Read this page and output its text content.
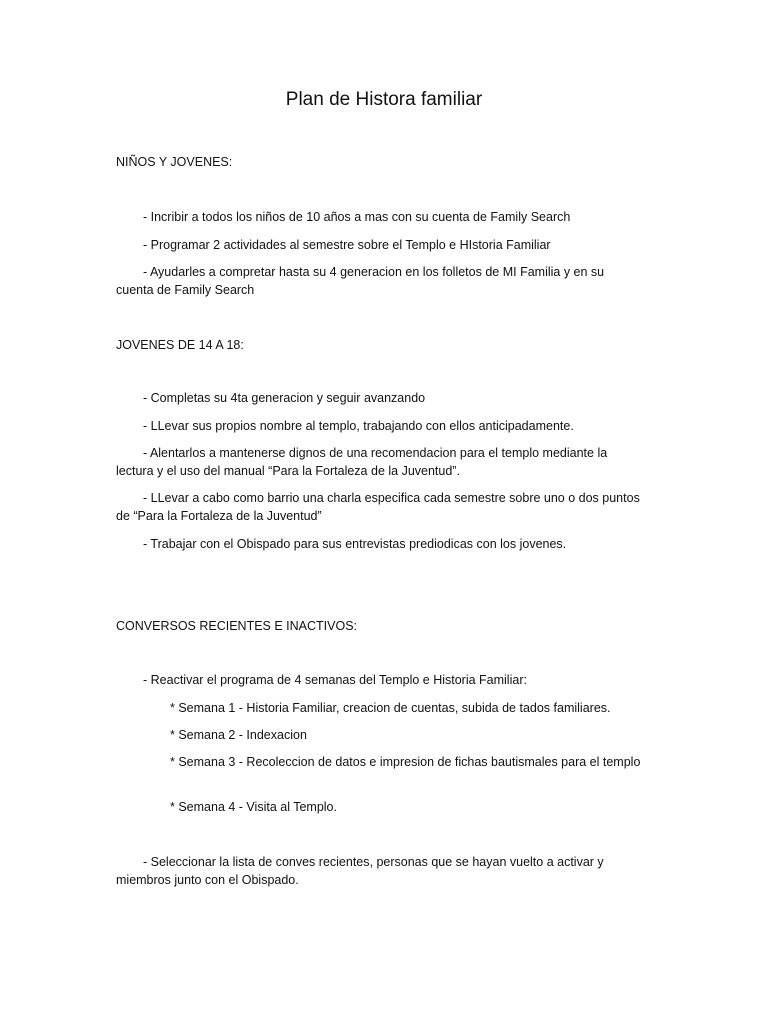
Plan de Histora familiar
NIÑOS Y JOVENES:
- Incribir a todos los niños de 10 años a mas con su cuenta de Family Search
- Programar 2 actividades al semestre sobre el Templo e HIstoria Familiar
- Ayudarles a compretar hasta su 4 generacion en los folletos de MI Familia y en su cuenta de Family Search
JOVENES DE 14 A 18:
- Completas su 4ta generacion y seguir avanzando
- LLevar sus propios nombre al templo, trabajando con ellos anticipadamente.
- Alentarlos a mantenerse dignos de una recomendacion para el templo mediante la lectura y el uso del manual “Para la Fortaleza de la Juventud”.
- LLevar a cabo como barrio una charla especifica cada semestre sobre uno o dos puntos de “Para la Fortaleza de la Juventud”
- Trabajar con el Obispado para sus entrevistas prediodicas con los jovenes.
CONVERSOS RECIENTES E INACTIVOS:
- Reactivar el programa de 4 semanas del Templo e Historia Familiar:
* Semana 1 - Historia Familiar, creacion de cuentas, subida de tados familiares.
* Semana 2 - Indexacion
* Semana 3 - Recoleccion de datos e impresion de fichas bautismales para el templo
* Semana 4 - Visita al Templo.
- Seleccionar la lista de conves recientes, personas que se hayan vuelto a activar y miembros junto con el Obispado.
